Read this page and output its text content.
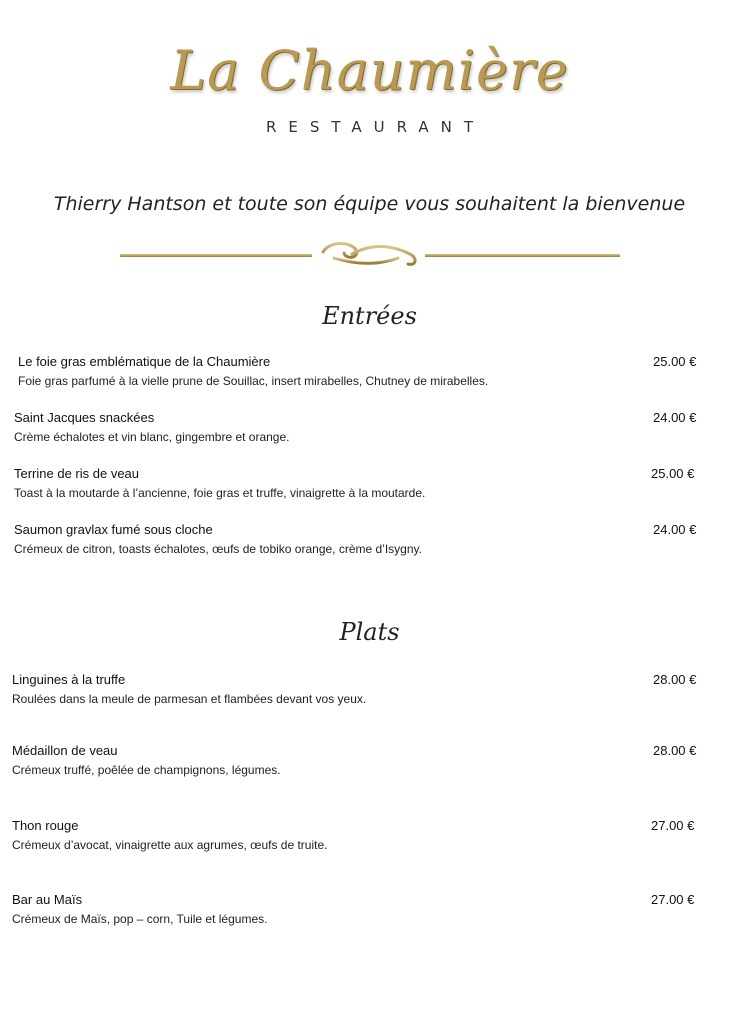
La Chaumière
RESTAURANT
Thierry Hantson et toute son équipe vous souhaitent la bienvenue
Entrées
Le foie gras emblématique de la Chaumière
Foie gras parfumé à la vielle prune de Souillac, insert mirabelles, Chutney de mirabelles.
25.00 €
Saint Jacques snackées
Crème échalotes et vin blanc, gingembre et orange.
24.00 €
Terrine de ris de veau
Toast à la moutarde à l’ancienne, foie gras et truffe, vinaigrette à la moutarde.
25.00 €
Saumon gravlax fumé sous cloche
Crémeux de citron, toasts échalotes, œufs de tobiko orange, crème d’Isygny.
24.00 €
Plats
Linguines à la truffe
Roulées dans la meule de parmesan et flambées devant vos yeux.
28.00 €
Médaillon de veau
Crémeux truffé, poêlée de champignons, légumes.
28.00 €
Thon rouge
Crémeux d’avocat, vinaigrette aux agrumes, œufs de truite.
27.00 €
Bar au Maïs
Crémeux de Maïs, pop – corn, Tuile et légumes.
27.00 €
